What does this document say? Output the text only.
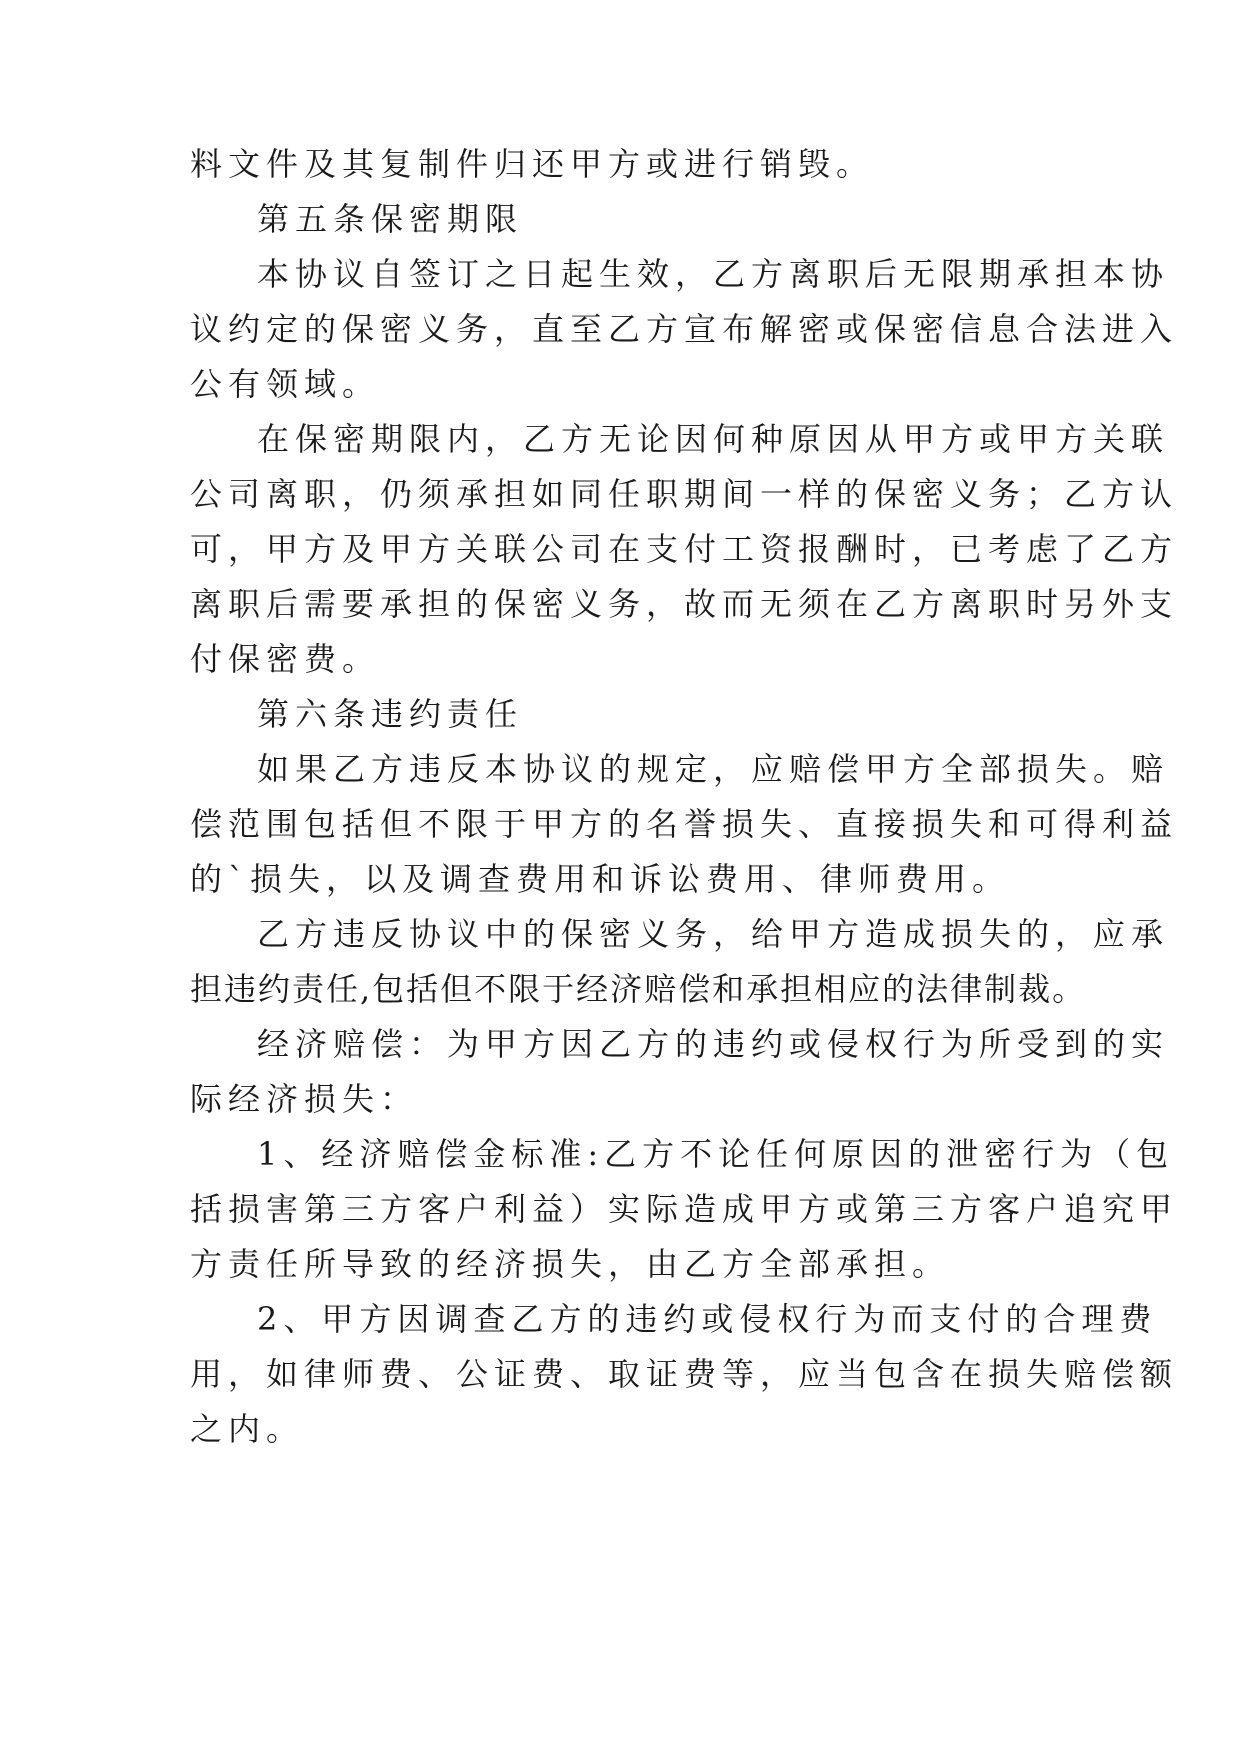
料文件及其复制件归还甲方或进行销毁。
第五条保密期限
本协议自签订之日起生效，乙方离职后无限期承担本协
议约定的保密义务，直至乙方宣布解密或保密信息合法进入
公有领域。
在保密期限内，乙方无论因何种原因从甲方或甲方关联
公司离职，仍须承担如同任职期间一样的保密义务；乙方认
可，甲方及甲方关联公司在支付工资报酬时，已考虑了乙方
离职后需要承担的保密义务，故而无须在乙方离职时另外支
付保密费。
第六条违约责任
如果乙方违反本协议的规定，应赔偿甲方全部损失。赔
偿范围包括但不限于甲方的名誉损失、直接损失和可得利益
的`损失，以及调查费用和诉讼费用、律师费用。
乙方违反协议中的保密义务，给甲方造成损失的，应承
担违约责任,包括但不限于经济赔偿和承担相应的法律制裁。
经济赔偿：为甲方因乙方的违约或侵权行为所受到的实
际经济损失：
1、经济赔偿金标准:乙方不论任何原因的泄密行为（包
括损害第三方客户利益）实际造成甲方或第三方客户追究甲
方责任所导致的经济损失，由乙方全部承担。
2、甲方因调查乙方的违约或侵权行为而支付的合理费
用，如律师费、公证费、取证费等，应当包含在损失赔偿额
之内。
